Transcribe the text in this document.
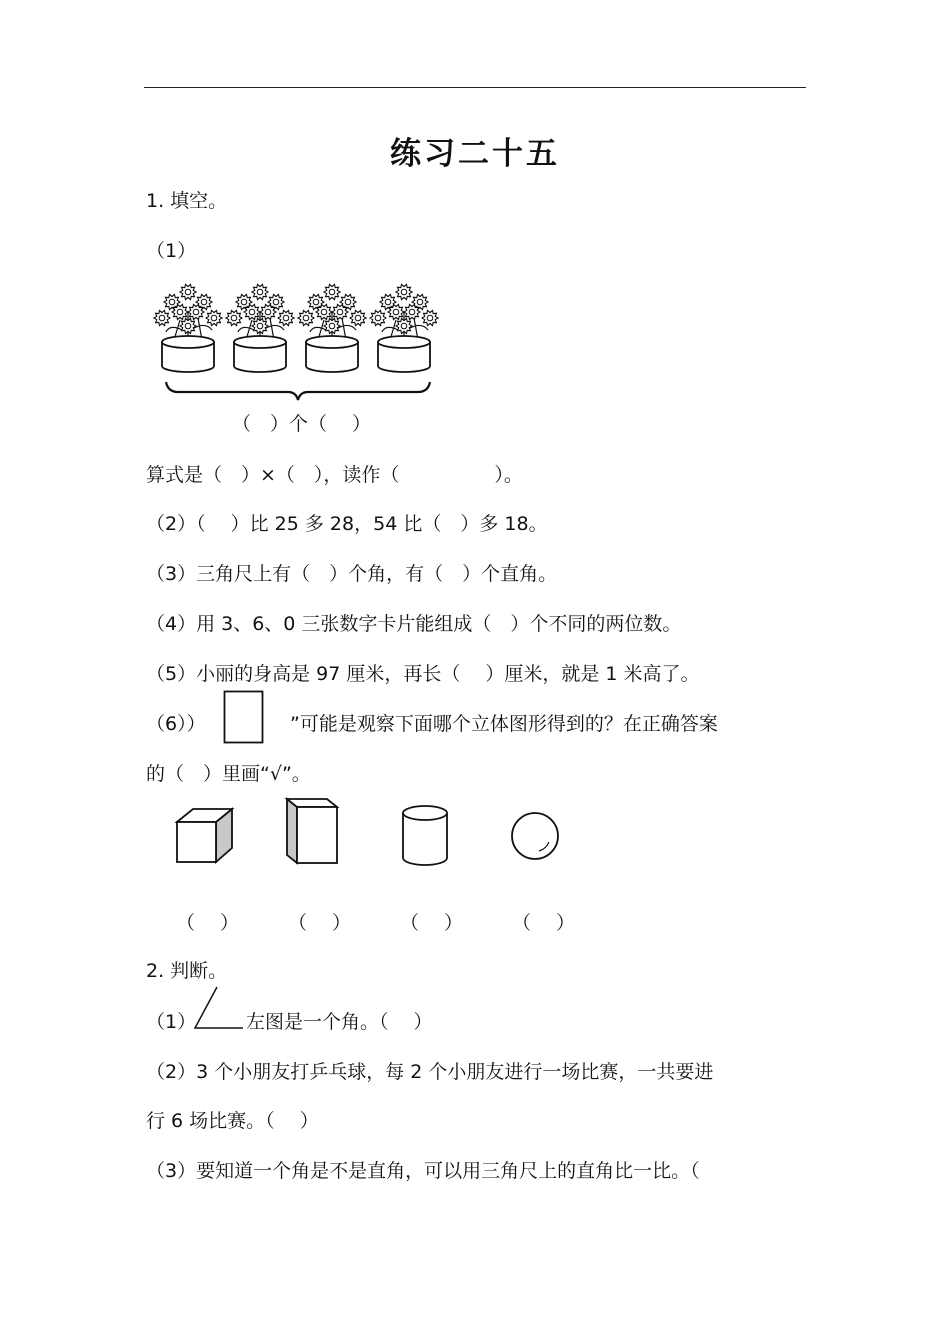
练习二十五
1. 填空。
（1）
（　）个（　 ）
算式是（　）×（　），读作（　　　　　）。
（2）（　 ）比 25 多 28，54 比（　）多 18。
（3）三角尺上有（　）个角，有（　）个直角。
（4）用 3、6、0 三张数字卡片能组成（　）个不同的两位数。
（5）小丽的身高是 97 厘米，再长（　 ）厘米，就是 1 米高了。
（6））	”可能是观察下面哪个立体图形得到的？在正确答案
的（　）里画“√”。
（　 ）	（　 ）	（　 ）	（　 ）
2. 判断。
（1）	左图是一个角。（　 ）
（2）3 个小朋友打乒乓球，每 2 个小朋友进行一场比赛，一共要进
行 6 场比赛。（　 ）
（3）要知道一个角是不是直角，可以用三角尺上的直角比一比。（
